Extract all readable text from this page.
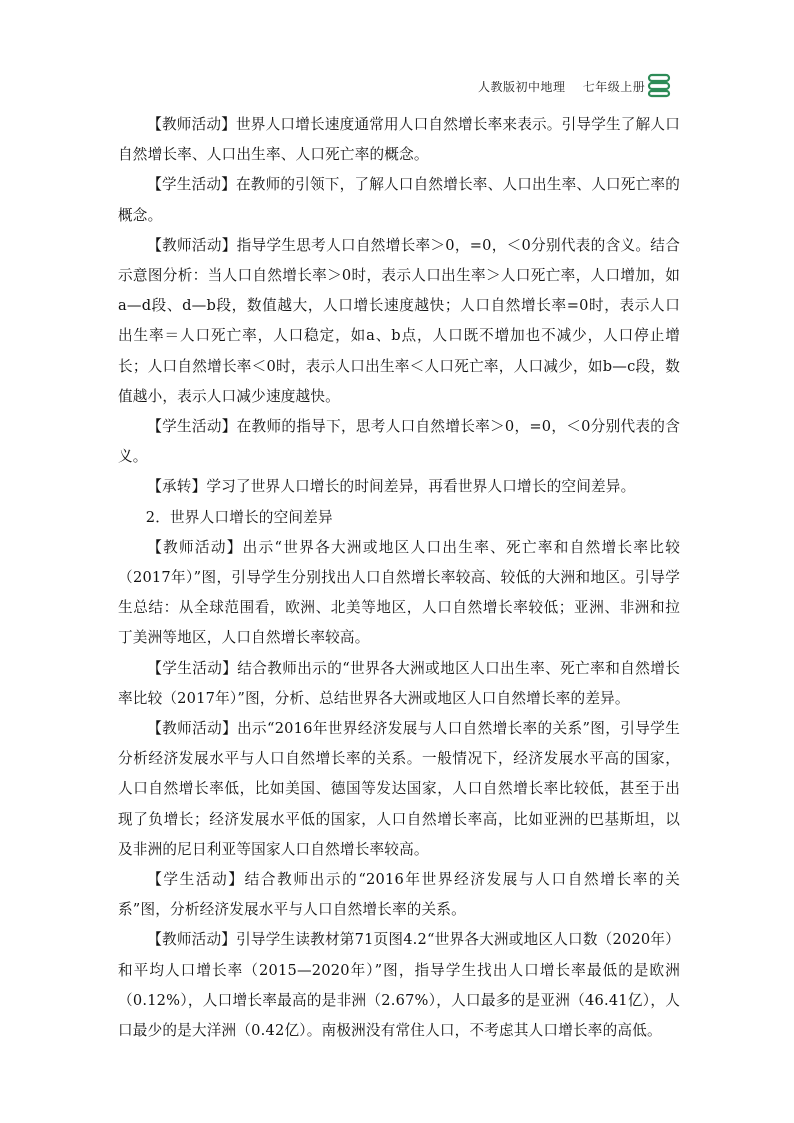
人教版初中地理    七年级上册

【教师活动】世界人口增长速度通常用人口自然增长率来表示。引导学生了解人口自然增长率、人口出生率、人口死亡率的概念。

【学生活动】在教师的引领下，了解人口自然增长率、人口出生率、人口死亡率的概念。

【教师活动】指导学生思考人口自然增长率＞0，=0，＜0分别代表的含义。结合示意图分析：当人口自然增长率＞0时，表示人口出生率＞人口死亡率，人口增加，如a—d段、d—b段，数值越大，人口增长速度越快；人口自然增长率=0时，表示人口出生率＝人口死亡率，人口稳定，如a、b点，人口既不增加也不减少，人口停止增长；人口自然增长率＜0时，表示人口出生率＜人口死亡率，人口减少，如b—c段，数值越小，表示人口减少速度越快。

【学生活动】在教师的指导下，思考人口自然增长率＞0，=0，＜0分别代表的含义。

【承转】学习了世界人口增长的时间差异，再看世界人口增长的空间差异。

2．世界人口增长的空间差异

【教师活动】出示“世界各大洲或地区人口出生率、死亡率和自然增长率比较（2017年）”图，引导学生分别找出人口自然增长率较高、较低的大洲和地区。引导学生总结：从全球范围看，欧洲、北美等地区，人口自然增长率较低；亚洲、非洲和拉丁美洲等地区，人口自然增长率较高。

【学生活动】结合教师出示的“世界各大洲或地区人口出生率、死亡率和自然增长率比较（2017年）”图，分析、总结世界各大洲或地区人口自然增长率的差异。

【教师活动】出示“2016年世界经济发展与人口自然增长率的关系”图，引导学生分析经济发展水平与人口自然增长率的关系。一般情况下，经济发展水平高的国家，人口自然增长率低，比如美国、德国等发达国家，人口自然增长率比较低，甚至于出现了负增长；经济发展水平低的国家，人口自然增长率高，比如亚洲的巴基斯坦，以及非洲的尼日利亚等国家人口自然增长率较高。

【学生活动】结合教师出示的“2016年世界经济发展与人口自然增长率的关系”图，分析经济发展水平与人口自然增长率的关系。

【教师活动】引导学生读教材第71页图4.2“世界各大洲或地区人口数（2020年）和平均人口增长率（2015—2020年）”图，指导学生找出人口增长率最低的是欧洲（0.12%），人口增长率最高的是非洲（2.67%），人口最多的是亚洲（46.41亿），人口最少的是大洋洲（0.42亿）。南极洲没有常住人口，不考虑其人口增长率的高低。
